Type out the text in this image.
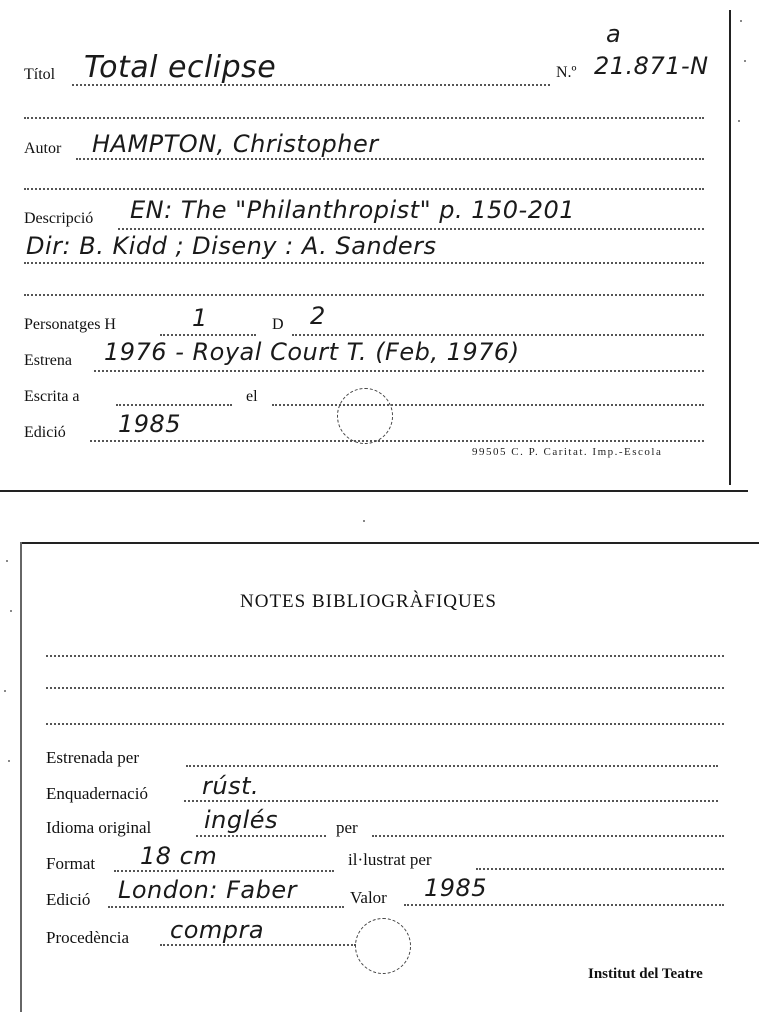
Títol Total eclipse	N.º 21.871-N
a
Autor HAMPTON, Christopher
Descripció EN: The "Philanthropist" p. 150-201
Dir: B. Kidd ; Diseny : A. Sanders
Personatges H	1	D 2
Estrena 1976 - Royal Court T. (Feb, 1976)
Escrita a	el
Edició 1985
99505 C. P. Caritat. Imp.-Escola
NOTES BIBLIOGRÀFIQUES
Estrenada per
Enquadernació rúst.
Idioma original inglés	per
Format 18 cm	il·lustrat per
Edició London: Faber	Valor 1985
Procedència compra
Institut del Teatre
